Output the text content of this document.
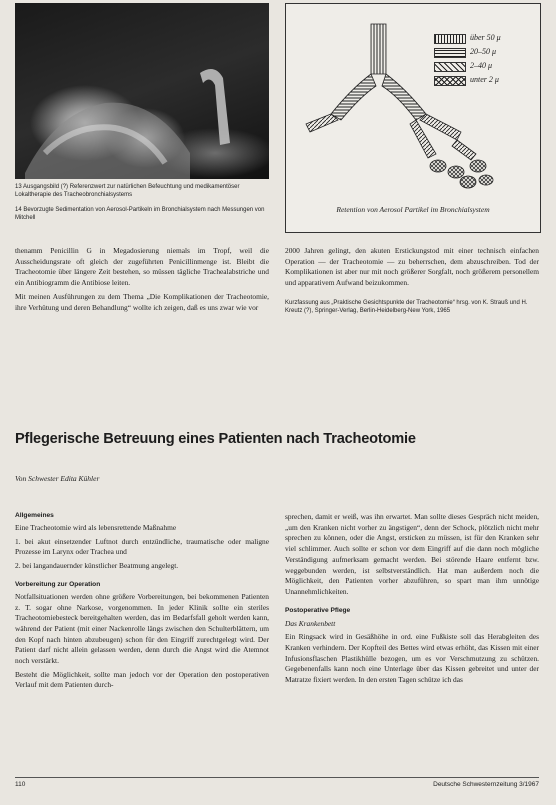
13 Ausgangsbild (?) Referenzwert zur natürlichen Befeuchtung und medikamentöser Lokaltherapie des Tracheobronchialsystems
14 Bevorzugte Sedimentation von Aerosol-Partikeln im Bronchialsystem nach Messungen von Mitchell
über 50 μ
20–50 μ
2–40 μ
unter 2 μ
Retention von Aerosol Partikel im Bronchialsystem

thenamm Penicillin G in Megadosierung niemals im Tropf, weil die Ausscheidungsrate oft gleich der zugeführten Penicillinmenge ist. Bleibt die Tracheotomie über längere Zeit bestehen, so müssen tägliche Trachealabstriche und ein Antibiogramm die Antibiose leiten.

Mit meinen Ausführungen zu dem Thema „Die Komplikationen der Tracheotomie, ihre Verhütung und deren Behandlung“ wollte ich zeigen, daß es uns zwar wie vor

2000 Jahren gelingt, den akuten Erstickungstod mit einer technisch einfachen Operation — der Tracheotomie — zu beherrschen, dem abzuschreiben. Tod der Komplikationen ist aber nur mit noch größerer Sorgfalt, noch größerem personellem und apparativem Aufwand beizukommen.

Kurzfassung aus „Praktische Gesichtspunkte der Tracheotomie“ hrsg. von K. Strauß und H. Kreutz (?), Springer-Verlag, Berlin-Heidelberg-New York, 1965

Pflegerische Betreuung eines Patienten nach Tracheotomie
Von Schwester Edita Kühler

Allgemeines

Eine Tracheotomie wird als lebensrettende Maßnahme

1. bei akut einsetzender Luftnot durch entzündliche, traumatische oder maligne Prozesse im Larynx oder Trachea und

2. bei langandauernder künstlicher Beatmung angelegt.

Vorbereitung zur Operation

Notfallsituationen werden ohne größere Vorbereitungen, bei bekommenen Patienten z. T. sogar ohne Narkose, vorgenommen. In jeder Klinik sollte ein steriles Tracheotomiebesteck bereitgehalten werden, das im Bedarfsfall geholt werden kann, während der Patient (mit einer Nackenrolle längs zwischen den Schulterblättern, um den Kopf nach hinten abzubeugen) schon für den Eingriff zurechtgelegt wird. Der Patient darf nicht allein gelassen werden, denn durch die Angst wird die Atemnot noch verstärkt.

Besteht die Möglichkeit, sollte man jedoch vor der Operation den postoperativen Verlauf mit dem Patienten durch-

sprechen, damit er weiß, was ihn erwartet. Man sollte dieses Gespräch nicht meiden, „um den Kranken nicht vorher zu ängstigen“, denn der Schock, plötzlich nicht mehr sprechen zu können, oder die Angst, ersticken zu müssen, ist für den Kranken sehr viel schlimmer. Auch sollte er schon vor dem Eingriff auf die dann noch mögliche Verständigung aufmerksam gemacht werden. Bei störende Haare entfernt bzw. weggebunden werden, ist selbstverständlich. Hat man außerdem noch die Möglichkeit, den Patienten vorher abzuführen, so spart man ihm unnötige Unannehmlichkeiten.

Postoperative Pflege

Das Krankenbett

Ein Ringsack wird in Gesäßhöhe in ord. eine Fußkiste soll das Herabgleiten des Kranken verhindern. Der Kopfteil des Bettes wird etwas erhöht, das Kissen mit einer Infusionsflaschen Plastikhülle bezogen, um es vor Verschmutzung zu schützen. Gegebenenfalls kann noch eine Unterlage über das Kissen gebreitet und unter der Matratze fixiert werden. In den ersten Tagen schütze ich das

110	Deutsche Schwesternzeitung 3/1967
